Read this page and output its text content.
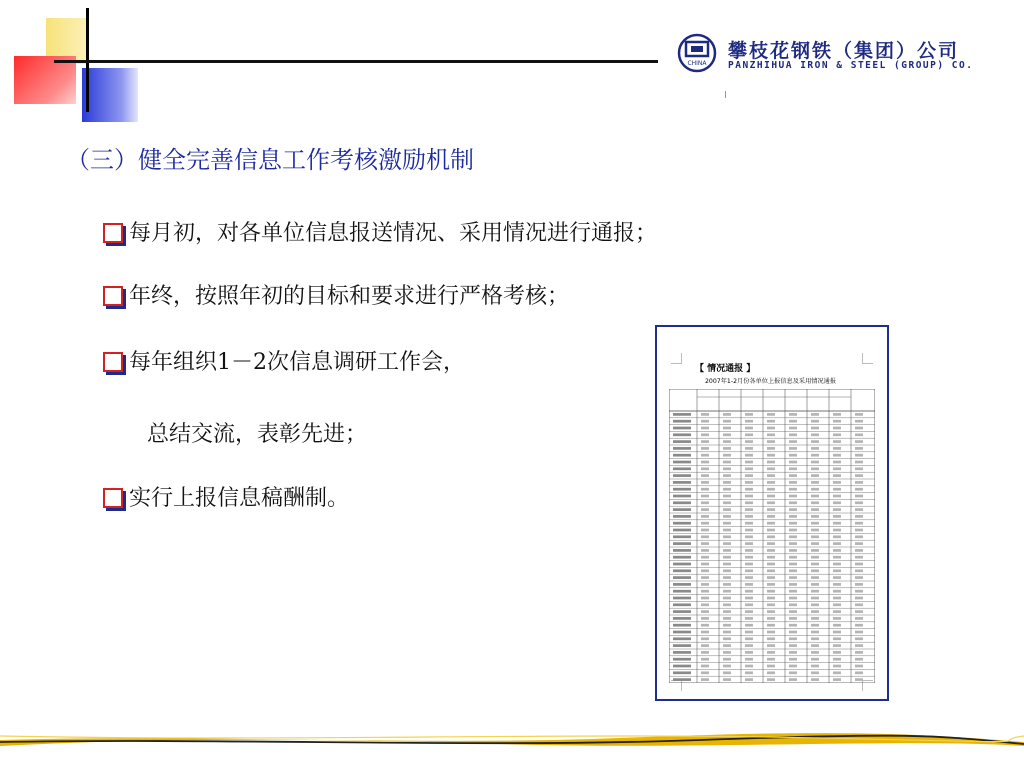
CHINA
攀枝花钢铁（集团）公司
PANZHIHUA IRON & STEEL (GROUP) CO.
（三）健全完善信息工作考核激励机制
每月初，对各单位信息报送情况、采用情况进行通报；
年终，按照年初的目标和要求进行严格考核；
每年组织1－2次信息调研工作会，
总结交流，表彰先进；
实行上报信息稿酬制。
【 情况通报 】
2007年1-2月份各单位上报信息及采用情况通报
